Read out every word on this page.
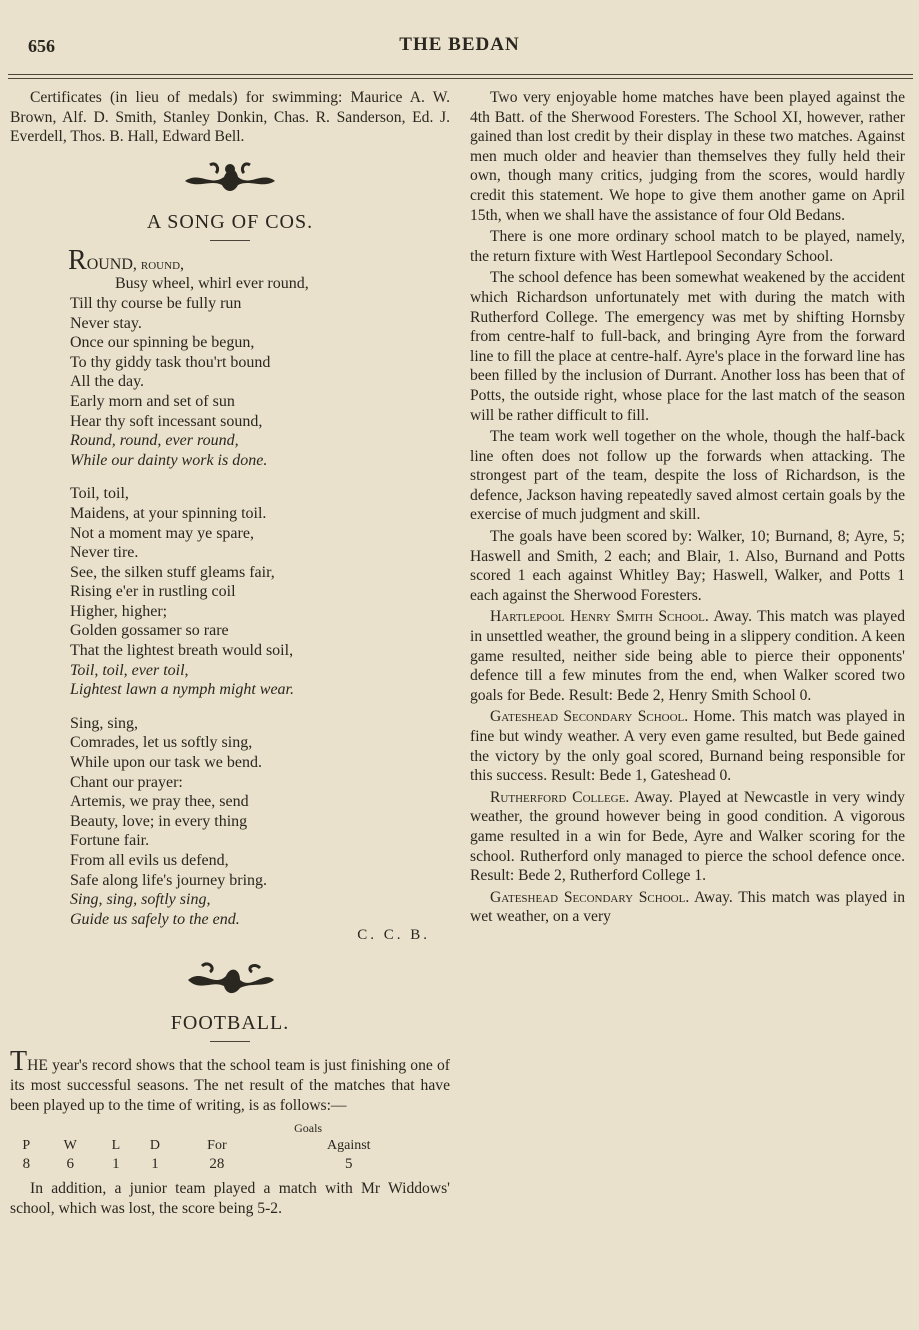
656	THE BEDAN

Certificates (in lieu of medals) for swimming: Maurice A. W. Brown, Alf. D. Smith, Stanley Donkin, Chas. R. Sanderson, Ed. J. Everdell, Thos. B. Hall, Edward Bell.

A SONG OF COS.
ROUND, round,
Busy wheel, whirl ever round,
Till thy course be fully run
Never stay.
Once our spinning be begun,
To thy giddy task thou'rt bound
All the day.
Early morn and set of sun
Hear thy soft incessant sound,
Round, round, ever round,
While our dainty work is done.
Toil, toil,
Maidens, at your spinning toil.
Not a moment may ye spare,
Never tire.
See, the silken stuff gleams fair,
Rising e'er in rustling coil
Higher, higher;
Golden gossamer so rare
That the lightest breath would soil,
Toil, toil, ever toil,
Lightest lawn a nymph might wear.
Sing, sing,
Comrades, let us softly sing,
While upon our task we bend.
Chant our prayer:
Artemis, we pray thee, send
Beauty, love; in every thing
Fortune fair.
From all evils us defend,
Safe along life's journey bring.
Sing, sing, softly sing,
Guide us safely to the end.
C. C. B.
FOOTBALL.

THE year's record shows that the school team is just finishing one of its most successful seasons. The net result of the matches that have been played up to the time of writing, is as follows:—

				Goals	
P	W	L	D	For	Against
8	6	1	1	28	5

In addition, a junior team played a match with Mr Widdows' school, which was lost, the score being 5-2.

Two very enjoyable home matches have been played against the 4th Batt. of the Sherwood Foresters. The School XI, however, rather gained than lost credit by their display in these two matches. Against men much older and heavier than themselves they fully held their own, though many critics, judging from the scores, would hardly credit this statement. We hope to give them another game on April 15th, when we shall have the assistance of four Old Bedans.

There is one more ordinary school match to be played, namely, the return fixture with West Hartlepool Secondary School.

The school defence has been somewhat weakened by the accident which Richardson unfortunately met with during the match with Rutherford College. The emergency was met by shifting Hornsby from centre-half to full-back, and bringing Ayre from the forward line to fill the place at centre-half. Ayre's place in the forward line has been filled by the inclusion of Durrant. Another loss has been that of Potts, the outside right, whose place for the last match of the season will be rather difficult to fill.

The team work well together on the whole, though the half-back line often does not follow up the forwards when attacking. The strongest part of the team, despite the loss of Richardson, is the defence, Jackson having repeatedly saved almost certain goals by the exercise of much judgment and skill.

The goals have been scored by: Walker, 10; Burnand, 8; Ayre, 5; Haswell and Smith, 2 each; and Blair, 1. Also, Burnand and Potts scored 1 each against Whitley Bay; Haswell, Walker, and Potts 1 each against the Sherwood Foresters.

Hartlepool Henry Smith School. Away. This match was played in unsettled weather, the ground being in a slippery condition. A keen game resulted, neither side being able to pierce their opponents' defence till a few minutes from the end, when Walker scored two goals for Bede. Result: Bede 2, Henry Smith School 0.

Gateshead Secondary School. Home. This match was played in fine but windy weather. A very even game resulted, but Bede gained the victory by the only goal scored, Burnand being responsible for this success. Result: Bede 1, Gateshead 0.

Rutherford College. Away. Played at Newcastle in very windy weather, the ground however being in good condition. A vigorous game resulted in a win for Bede, Ayre and Walker scoring for the school. Rutherford only managed to pierce the school defence once. Result: Bede 2, Rutherford College 1.

Gateshead Secondary School. Away. This match was played in wet weather, on a very
